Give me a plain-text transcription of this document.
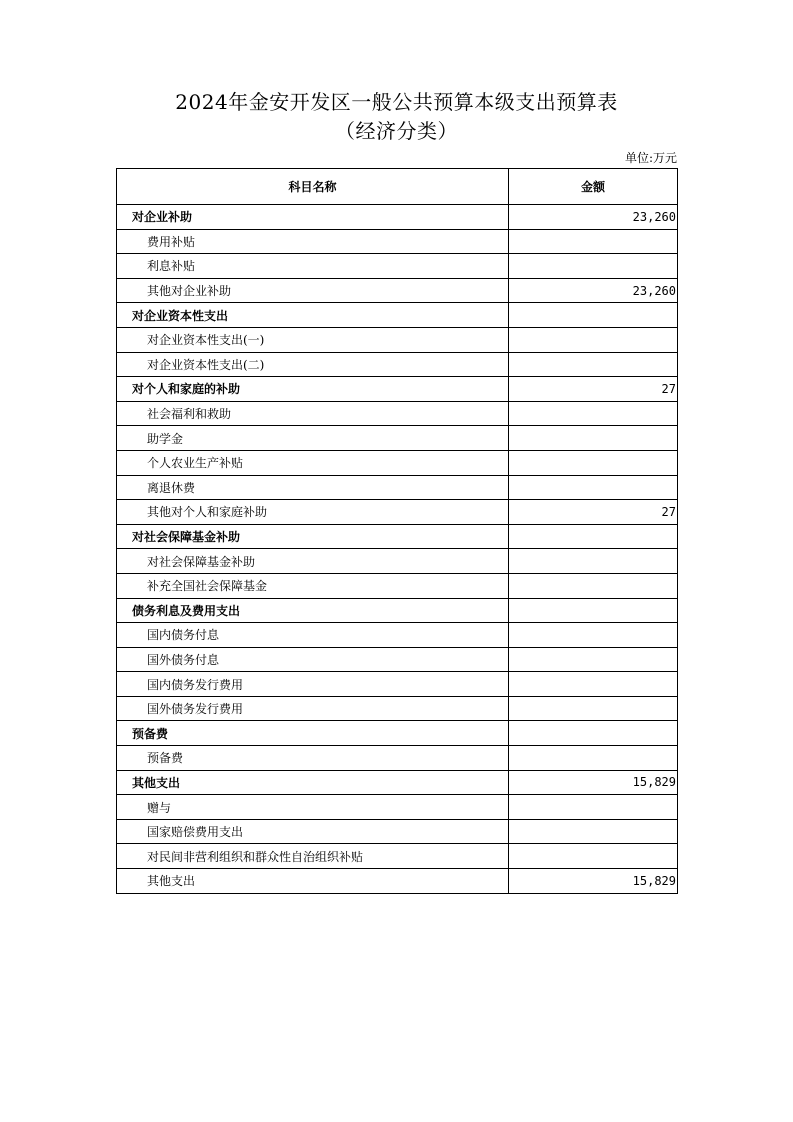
2024年金安开发区一般公共预算本级支出预算表
（经济分类）
单位:万元
科目名称	金额
对企业补助	23,260
费用补贴	
利息补贴	
其他对企业补助	23,260
对企业资本性支出	
对企业资本性支出(一)	
对企业资本性支出(二)	
对个人和家庭的补助	27
社会福利和救助	
助学金	
个人农业生产补贴	
离退休费	
其他对个人和家庭补助	27
对社会保障基金补助	
对社会保障基金补助	
补充全国社会保障基金	
债务利息及费用支出	
国内债务付息	
国外债务付息	
国内债务发行费用	
国外债务发行费用	
预备费	
预备费	
其他支出	15,829
赠与	
国家赔偿费用支出	
对民间非营利组织和群众性自治组织补贴	
其他支出	15,829
